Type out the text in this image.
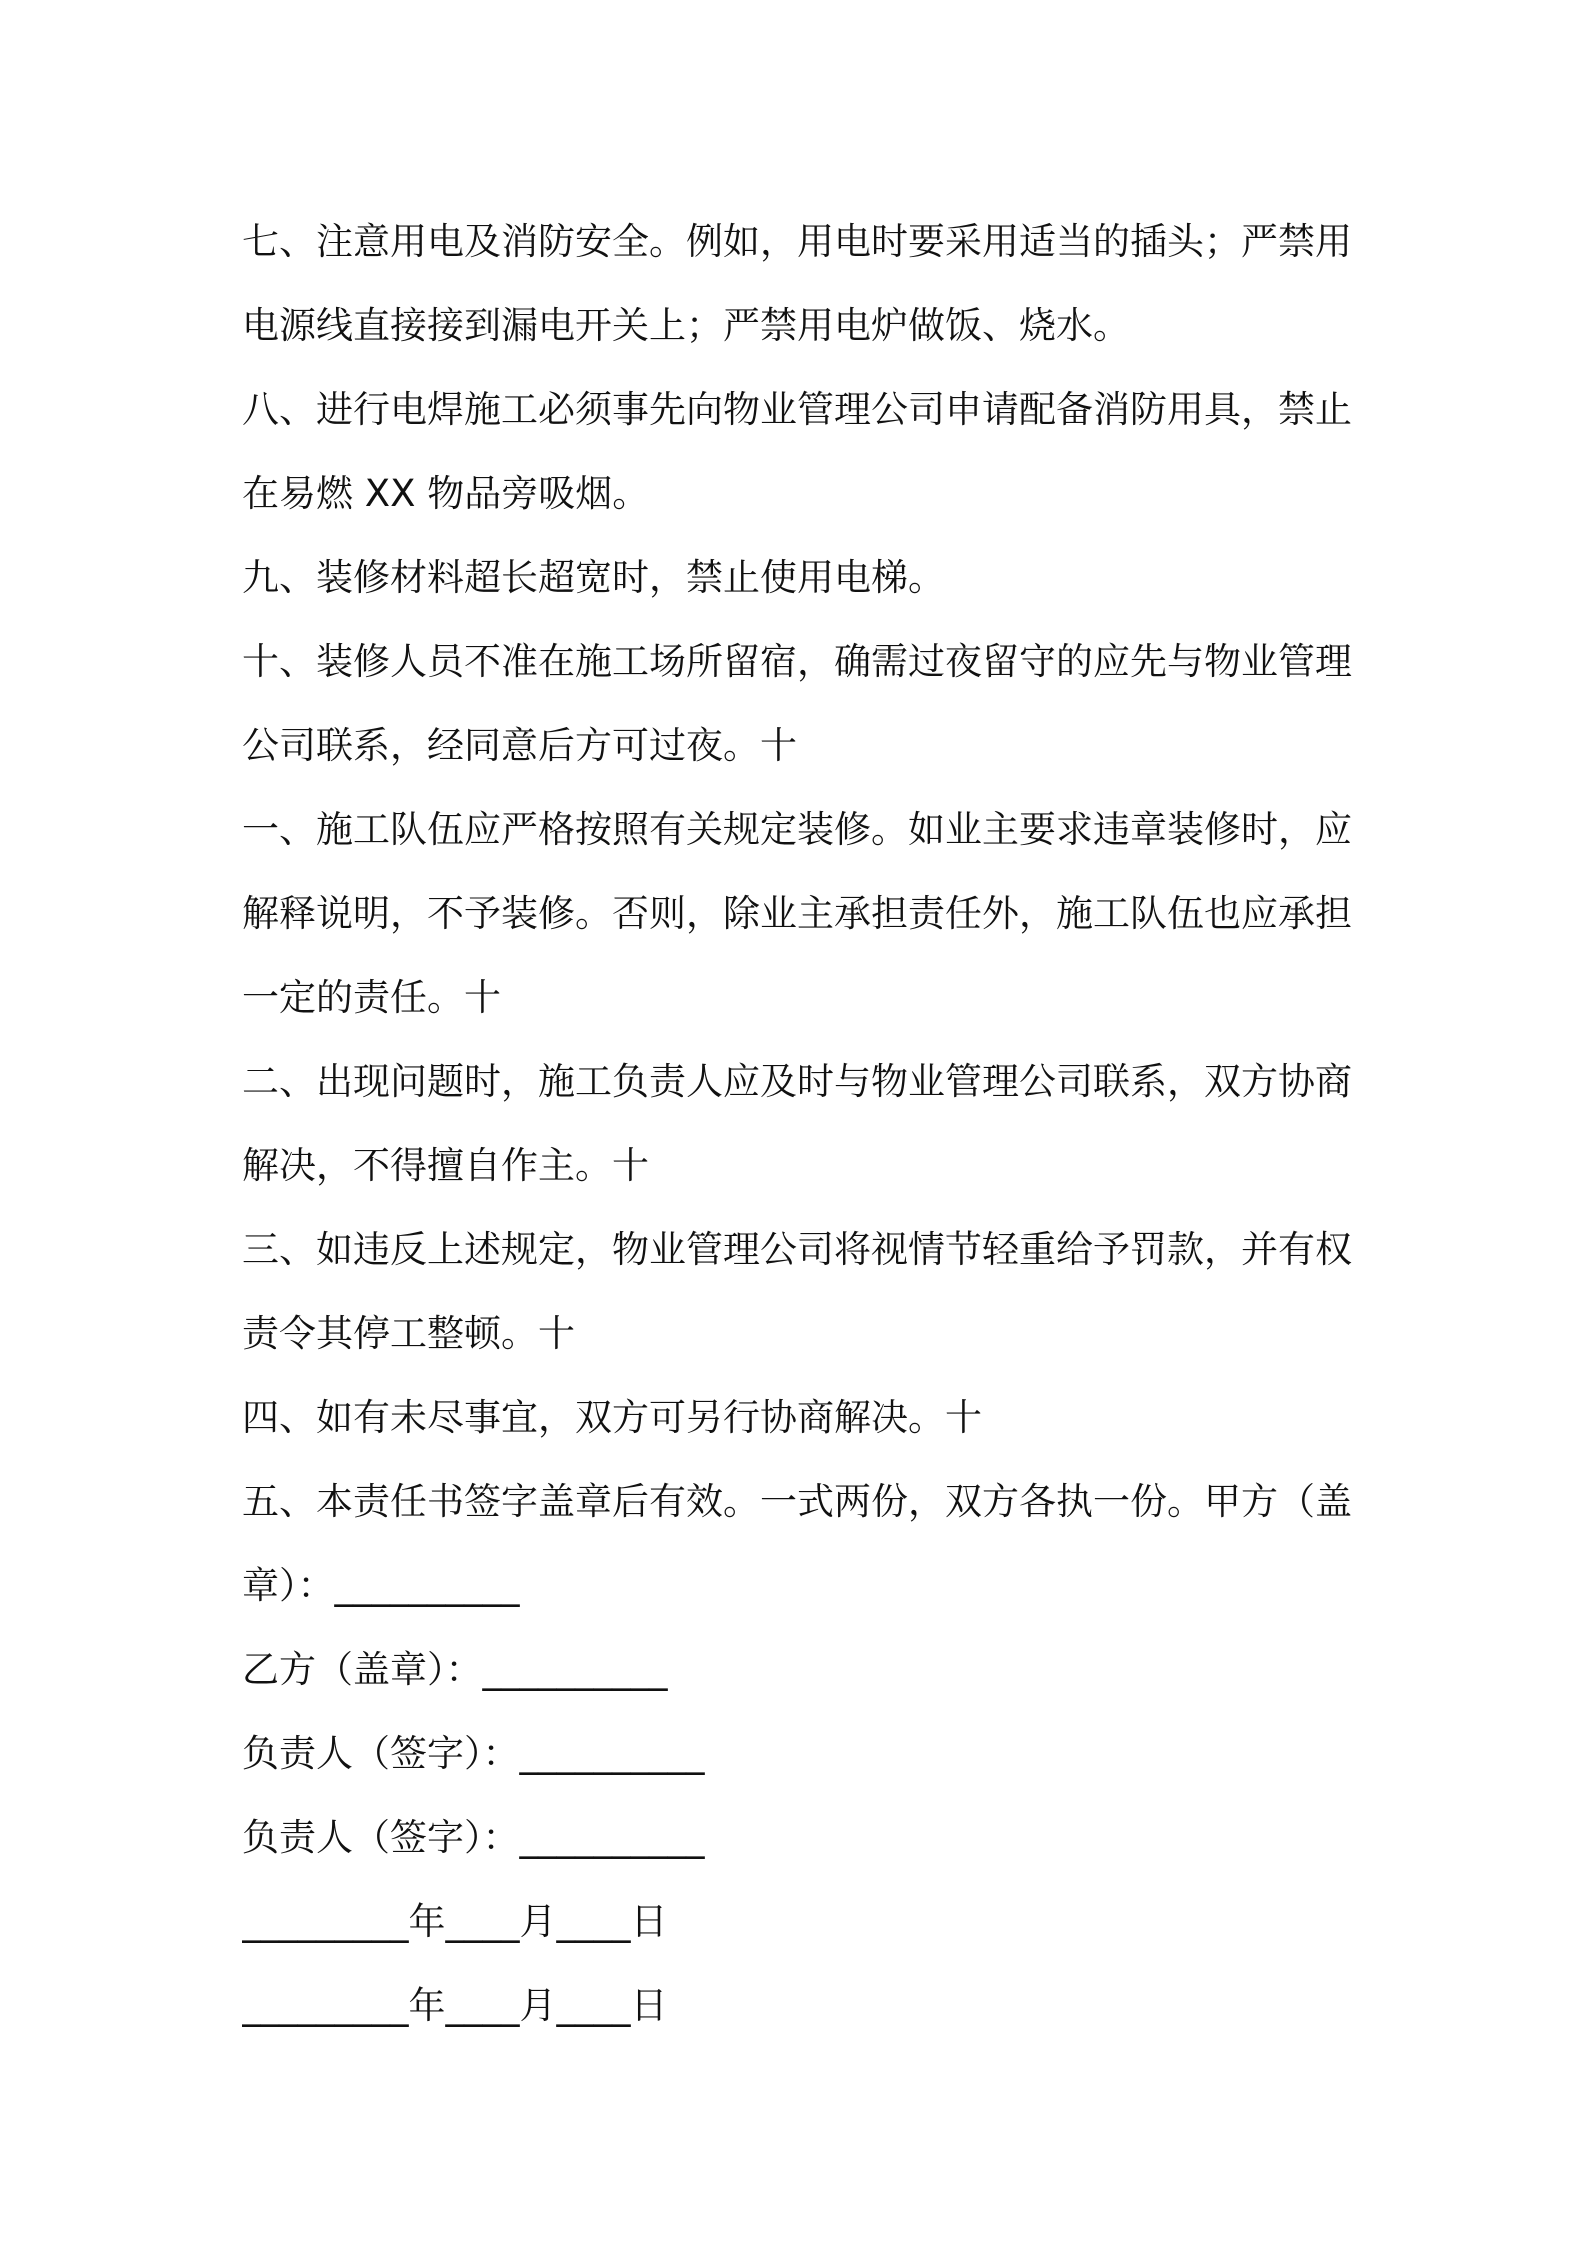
七、注意用电及消防安全。例如，用电时要采用适当的插头；严禁用
电源线直接接到漏电开关上；严禁用电炉做饭、烧水。
八、进行电焊施工必须事先向物业管理公司申请配备消防用具，禁止
在易燃 XX 物品旁吸烟。
九、装修材料超长超宽时，禁止使用电梯。
十、装修人员不准在施工场所留宿，确需过夜留守的应先与物业管理
公司联系，经同意后方可过夜。十
一、施工队伍应严格按照有关规定装修。如业主要求违章装修时，应
解释说明，不予装修。否则，除业主承担责任外，施工队伍也应承担
一定的责任。十
二、出现问题时，施工负责人应及时与物业管理公司联系，双方协商
解决，不得擅自作主。十
三、如违反上述规定，物业管理公司将视情节轻重给予罚款，并有权
责令其停工整顿。十
四、如有未尽事宜，双方可另行协商解决。十
五、本责任书签字盖章后有效。一式两份，双方各执一份。甲方（盖
章）：__________
乙方（盖章）：__________
负责人（签字）：__________
负责人（签字）：__________
_________年____月____日
_________年____月____日
